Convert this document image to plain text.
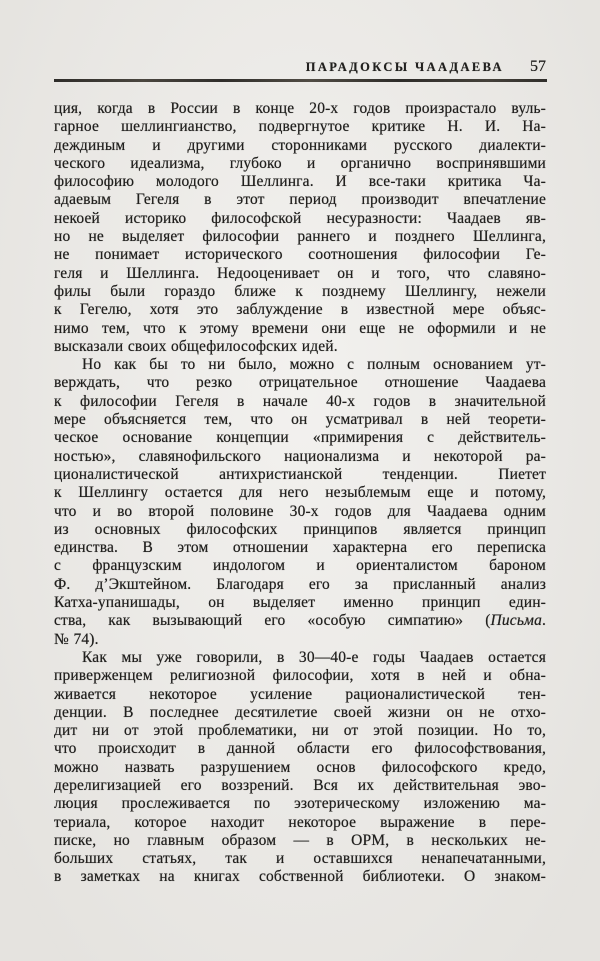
ПАРАДОКСЫ ЧААДАЕВА 57
ция, когда в России в конце 20-х годов произрастало вуль-
гарное шеллингианство, подвергнутое критике Н. И. На-
деждиным и другими сторонниками русского диалекти-
ческого идеализма, глубоко и органично воспринявшими
философию молодого Шеллинга. И все-таки критика Ча-
адаевым Гегеля в этот период производит впечатление
некоей историко философской несуразности: Чаадаев яв-
но не выделяет философии раннего и позднего Шеллинга,
не понимает исторического соотношения философии Ге-
геля и Шеллинга. Недооценивает он и того, что славяно-
филы были гораздо ближе к позднему Шеллингу, нежели
к Гегелю, хотя это заблуждение в известной мере объяс-
нимо тем, что к этому времени они еще не оформили и не
высказали своих общефилософских идей.
Но как бы то ни было, можно с полным основанием ут-
верждать, что резко отрицательное отношение Чаадаева
к философии Гегеля в начале 40-х годов в значительной
мере объясняется тем, что он усматривал в ней теорети-
ческое основание концепции «примирения с действитель-
ностью», славянофильского национализма и некоторой ра-
ционалистической антихристианской тенденции. Пиетет
к Шеллингу остается для него незыблемым еще и потому,
что и во второй половине 30-х годов для Чаадаева одним
из основных философских принципов является принцип
единства. В этом отношении характерна его переписка
с французским индологом и ориенталистом бароном
Ф. д’Экштейном. Благодаря его за присланный анализ
Катха-упанишады, он выделяет именно принцип един-
ства, как вызывающий его «особую симпатию» (Письма.
№ 74).
Как мы уже говорили, в 30—40-е годы Чаадаев остается
приверженцем религиозной философии, хотя в ней и обна-
живается некоторое усиление рационалистической тен-
денции. В последнее десятилетие своей жизни он не отхо-
дит ни от этой проблематики, ни от этой позиции. Но то,
что происходит в данной области его философствования,
можно назвать разрушением основ философского кредо,
дерелигизацией его воззрений. Вся их действительная эво-
люция прослеживается по эзотерическому изложению ма-
териала, которое находит некоторое выражение в пере-
писке, но главным образом — в ОРМ, в нескольких не-
больших статьях, так и оставшихся ненапечатанными,
в заметках на книгах собственной библиотеки. О знаком-
